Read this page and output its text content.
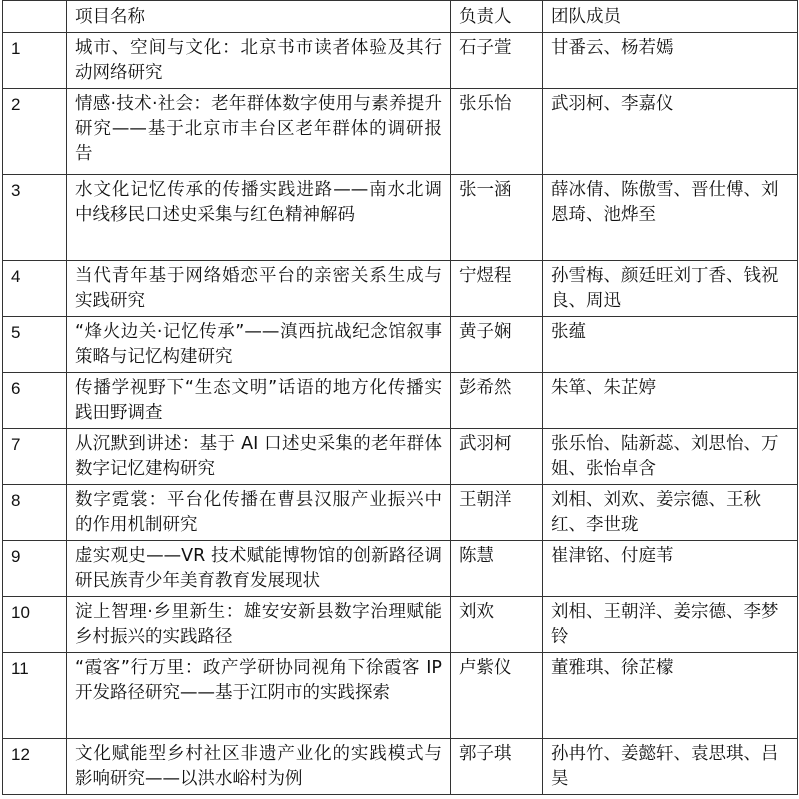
	项目名称	负责人	团队成员
1	城市、空间与文化：北京书市读者体验及其行动网络研究	石子萱	甘番云、杨若嫣
2	情感·技术·社会：老年群体数字使用与素养提升研究——基于北京市丰台区老年群体的调研报告	张乐怡	武羽柯、李嘉仪
3	水文化记忆传承的传播实践进路——南水北调中线移民口述史采集与红色精神解码	张一涵	薛冰倩、陈傲雪、晋仕傅、刘恩琦、池烨至
4	当代青年基于网络婚恋平台的亲密关系生成与实践研究	宁煜程	孙雪梅、颜廷旺刘丁香、钱祝良、周迅
5	“烽火边关·记忆传承”——滇西抗战纪念馆叙事策略与记忆构建研究	黄子娴	张蕴
6	传播学视野下“生态文明”话语的地方化传播实践田野调查	彭希然	朱箪、朱芷婷
7	从沉默到讲述：基于 AI 口述史采集的老年群体数字记忆建构研究	武羽柯	张乐怡、陆新蕊、刘思怡、万姐、张怡卓含
8	数字霓裳：平台化传播在曹县汉服产业振兴中的作用机制研究	王朝洋	刘相、刘欢、姜宗德、王秋红、李世珑
9	虚实观史——VR 技术赋能博物馆的创新路径调研民族青少年美育教育发展现状	陈慧	崔津铭、付庭苇
10	淀上智理·乡里新生：雄安安新县数字治理赋能乡村振兴的实践路径	刘欢	刘相、王朝洋、姜宗德、李梦铃
11	“霞客”行万里：政产学研协同视角下徐霞客 IP 开发路径研究——基于江阴市的实践探索	卢紫仪	董雅琪、徐芷檬
12	文化赋能型乡村社区非遗产业化的实践模式与影响研究——以洪水峪村为例	郭子琪	孙冉竹、姜懿轩、袁思琪、吕昊
